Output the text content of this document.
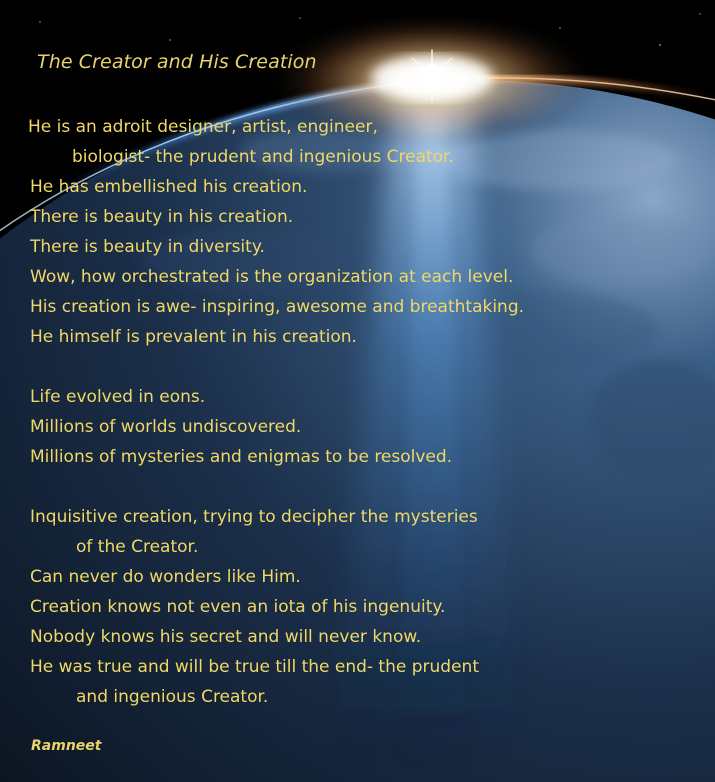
The Creator and His Creation
He is an adroit designer, artist, engineer,
biologist- the prudent and ingenious Creator.
He has embellished his creation.
There is beauty in his creation.
There is beauty in diversity.
Wow, how orchestrated is the organization at each level.
His creation is awe- inspiring, awesome and breathtaking.
He himself is prevalent in his creation.
Life evolved in eons.
Millions of worlds undiscovered.
Millions of mysteries and enigmas to be resolved.
Inquisitive creation, trying to decipher the mysteries
of the Creator.
Can never do wonders like Him.
Creation knows not even an iota of his ingenuity.
Nobody knows his secret and will never know.
He was true and will be true till the end- the prudent
and ingenious Creator.
Ramneet
